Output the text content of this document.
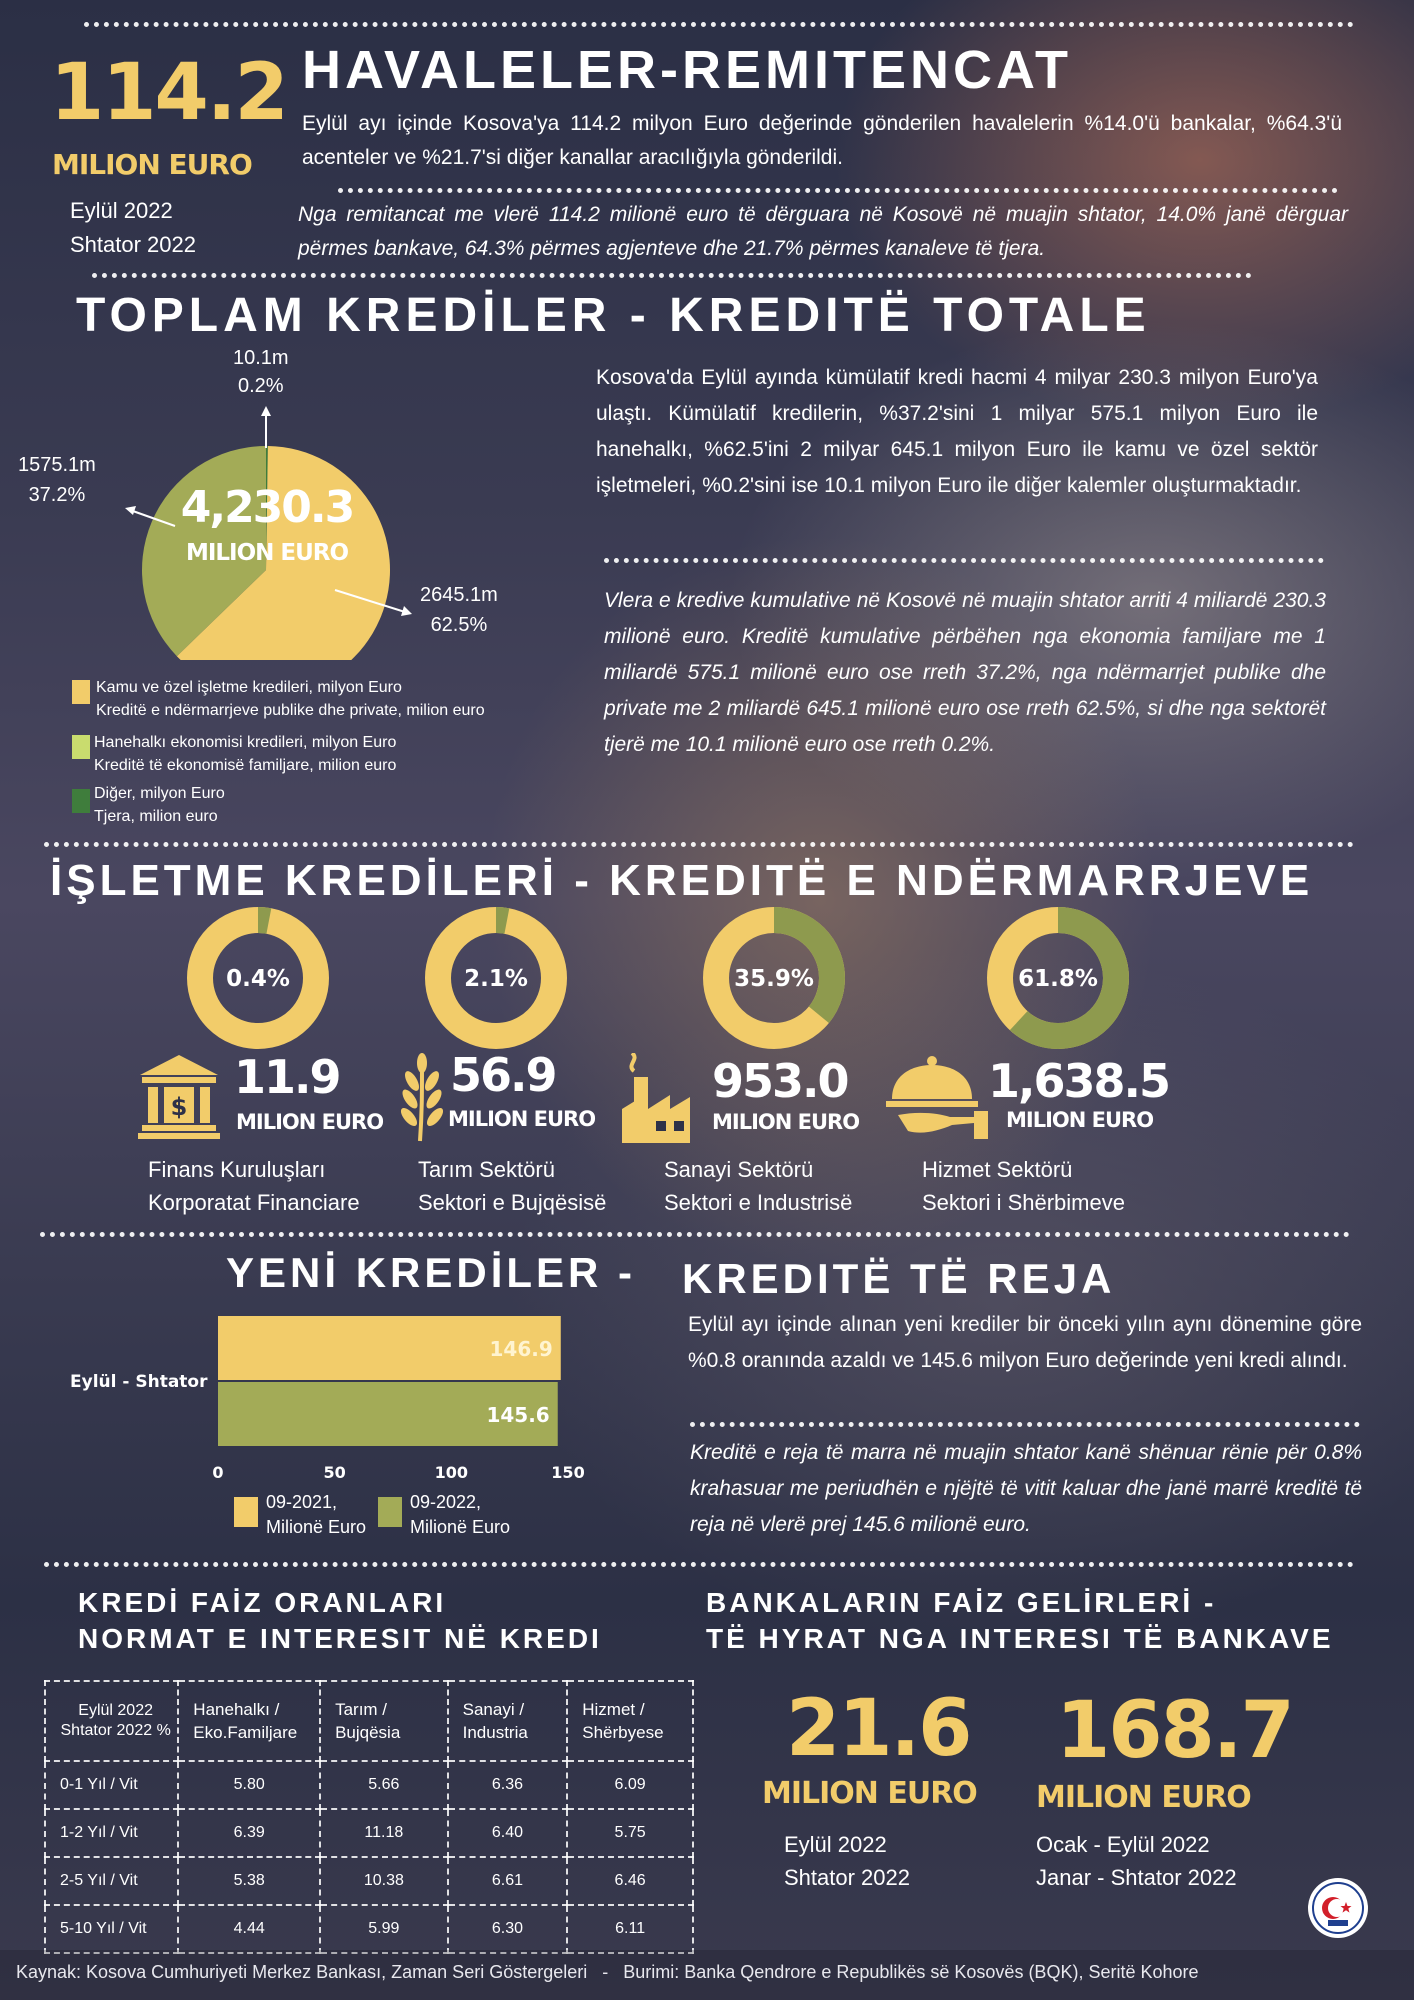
114.2
MILION EURO
Eylül 2022
Shtator 2022
HAVALELER-REMITENCAT
Eylül ayı içinde Kosova'ya 114.2 milyon Euro değerinde gönderilen havalelerin %14.0'ü bankalar, %64.3'ü acenteler ve %21.7'si diğer kanallar aracılığıyla gönderildi.
Nga remitancat me vlerë 114.2 milionë euro të dërguara në Kosovë në muajin shtator, 14.0% janë dërguar përmes bankave, 64.3% përmes agjenteve dhe 21.7% përmes kanaleve të tjera.
TOPLAM KREDİLER - KREDITË TOTALE
10.1m
0.2%
1575.1m
37.2%
2645.1m
62.5%
4,230.3
MILION EURO
Kamu ve özel işletme kredileri, milyon Euro
Kreditë e ndërmarrjeve publike dhe private, milion euro
Hanehalkı ekonomisi kredileri, milyon Euro
Kreditë të ekonomisë familjare, milion euro
Diğer, milyon Euro
Tjera, milion euro
Kosova'da Eylül ayında kümülatif kredi hacmi 4 milyar 230.3 milyon Euro'ya ulaştı. Kümülatif kredilerin, %37.2'sini 1 milyar 575.1 milyon Euro ile hanehalkı, %62.5'ini 2 milyar 645.1 milyon Euro ile kamu ve özel sektör işletmeleri, %0.2'sini ise 10.1 milyon Euro ile diğer kalemler oluşturmaktadır.
Vlera e kredive kumulative në Kosovë në muajin shtator arriti 4 miliardë 230.3 milionë euro. Kreditë kumulative përbëhen nga ekonomia familjare me 1 miliardë 575.1 milionë euro ose rreth 37.2%, nga ndërmarrjet publike dhe private me 2 miliardë 645.1 milionë euro ose rreth 62.5%, si dhe nga sektorët tjerë me 10.1 milionë euro ose rreth 0.2%.
İŞLETME KREDİLERİ - KREDITË E NDËRMARRJEVE
0.4%	2.1%	35.9%	61.8%
$
11.9
MILION EURO
56.9
MILION EURO
953.0
MILION EURO
1,638.5
MILION EURO
Finans Kuruluşları
Korporatat Financiare
Tarım Sektörü
Sektori e Bujqësisë
Sanayi Sektörü
Sektori e Industrisë
Hizmet Sektörü
Sektori i Shërbimeve
YENİ KREDİLER - KREDITË TË REJA
146.9
145.6
0	50	100	150
Eylül - Shtator
09-2021,
Milionë Euro
09-2022,
Milionë Euro
Eylül ayı içinde alınan yeni krediler bir önceki yılın aynı dönemine göre %0.8 oranında azaldı ve 145.6 milyon Euro değerinde yeni kredi alındı.
Kreditë e reja të marra në muajin shtator kanë shënuar rënie për 0.8% krahasuar me periudhën e njëjtë të vitit kaluar dhe janë marrë kreditë të reja në vlerë prej 145.6 milionë euro.
KREDİ FAİZ ORANLARI
NORMAT E INTERESIT NË KREDI
Eylül 2022 Shtator 2022 %	Hanehalkı / Eko.Familjare	Tarım / Bujqësia	Sanayi / Industria	Hizmet / Shërbyese
0-1 Yıl / Vit	5.80	5.66	6.36	6.09
1-2 Yıl / Vit	6.39	11.18	6.40	5.75
2-5 Yıl / Vit	5.38	10.38	6.61	6.46
5-10 Yıl / Vit	4.44	5.99	6.30	6.11
BANKALARIN FAİZ GELİRLERİ -
TË HYRAT NGA INTERESI TË BANKAVE
21.6
MILION EURO
Eylül 2022
Shtator 2022
168.7
MILION EURO
Ocak - Eylül 2022
Janar - Shtator 2022
Kaynak: Kosova Cumhuriyeti Merkez Bankası, Zaman Seri Göstergeleri   -   Burimi: Banka Qendrore e Republikës së Kosovës (BQK), Seritë Kohore
